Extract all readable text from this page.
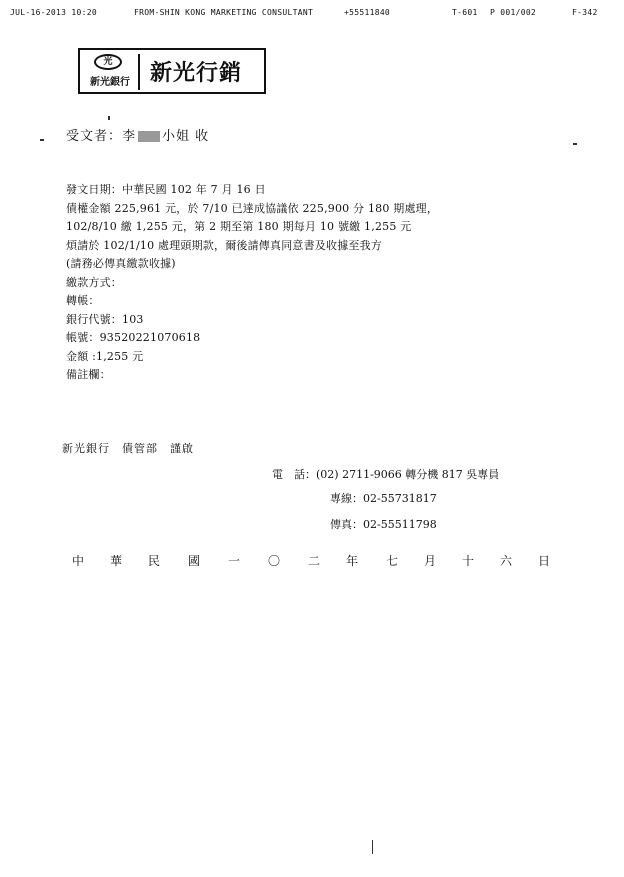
JUL-16-2013 10:20	FROM-SHIN KONG MARKETING CONSULTANT	+55511840	T-601 P 001/002	F-342
光
新光銀行 新光行銷
受文者：李 小姐 收
發文日期：中華民國 102 年 7 月 16 日
債權金額 225,961 元，於 7/10 已達成協議依 225,900 分 180 期處理，
102/8/10 繳 1,255 元，第 2 期至第 180 期每月 10 號繳 1,255 元
煩請於 102/1/10 處理頭期款，爾後請傳真同意書及收據至我方
(請務必傳真繳款收據)
繳款方式：
轉帳：
銀行代號：103
帳號：93520221070618
金額 :1,255 元
備註欄：
新光銀行　債管部　謹啟
電　話：(02) 2711-9066 轉分機 817 吳專員
專線：02-55731817
傳真：02-55511798
中 華 民 國 一 〇 二 年 七 月 十 六 日
